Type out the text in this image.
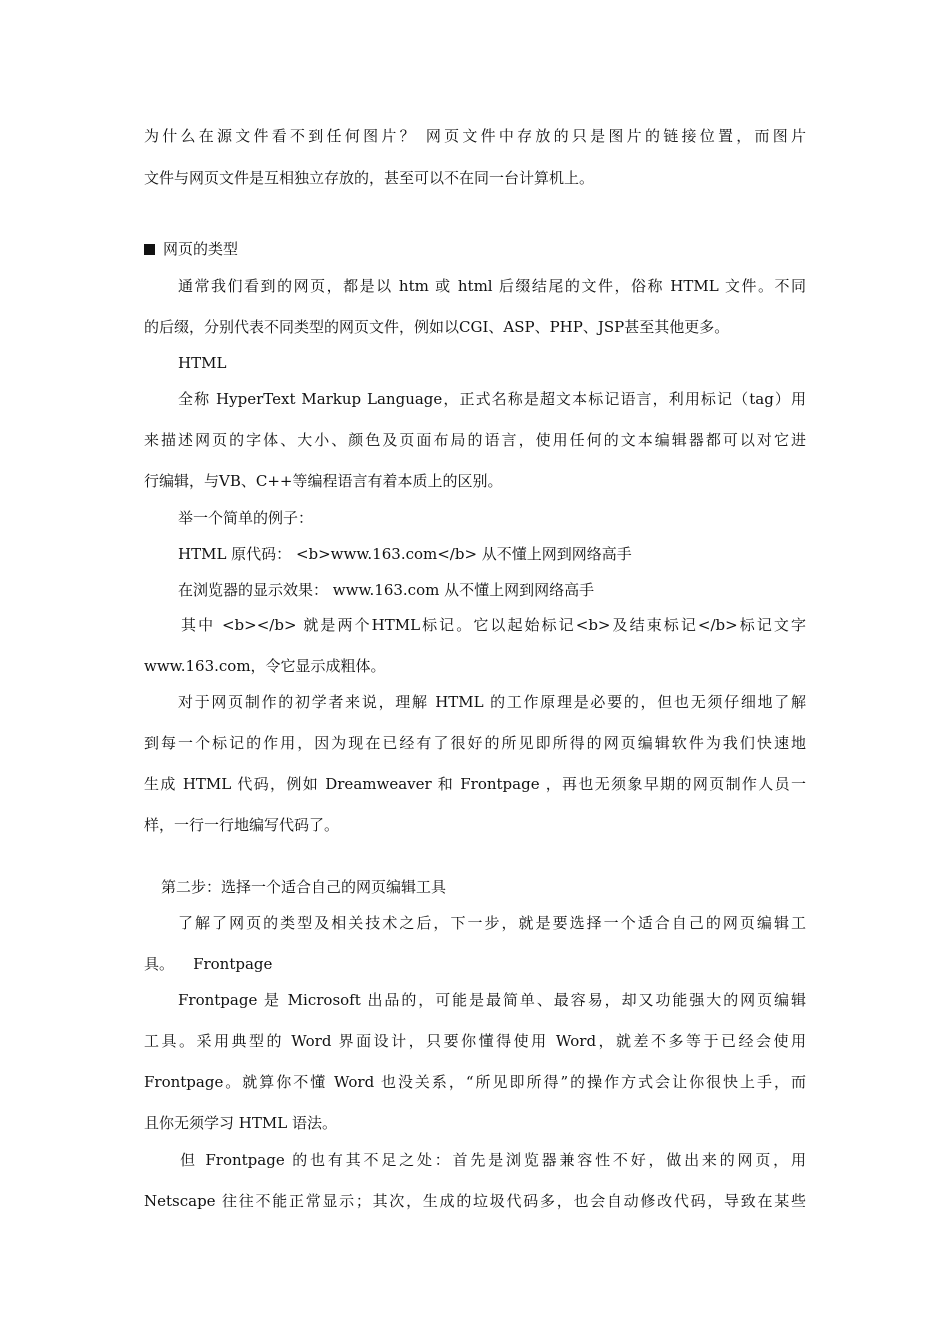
为什么在源文件看不到任何图片？ 网页文件中存放的只是图片的链接位置，而图片
文件与网页文件是互相独立存放的，甚至可以不在同一台计算机上。
网页的类型
通常我们看到的网页，都是以 htm 或 html 后缀结尾的文件，俗称 HTML 文件。不同
的后缀，分别代表不同类型的网页文件，例如以CGI、ASP、PHP、JSP甚至其他更多。
HTML
全称 HyperText Markup Language，正式名称是超文本标记语言，利用标记（tag）用
来描述网页的字体、大小、颜色及页面布局的语言，使用任何的文本编辑器都可以对它进
行编辑，与VB、C++等编程语言有着本质上的区别。
举一个简单的例子：
HTML 原代码： <b>www.163.com</b> 从不懂上网到网络高手
在浏览器的显示效果： www.163.com 从不懂上网到网络高手
其中 <b></b> 就是两个HTML标记。它以起始标记<b>及结束标记</b>标记文字
www.163.com，令它显示成粗体。
对于网页制作的初学者来说，理解 HTML 的工作原理是必要的，但也无须仔细地了解
到每一个标记的作用，因为现在已经有了很好的所见即所得的网页编辑软件为我们快速地
生成 HTML 代码，例如 Dreamweaver 和 Frontpage ，再也无须象早期的网页制作人员一
样，一行一行地编写代码了。
第二步：选择一个适合自己的网页编辑工具
了解了网页的类型及相关技术之后，下一步，就是要选择一个适合自己的网页编辑工
具。    Frontpage
Frontpage 是 Microsoft 出品的，可能是最简单、最容易，却又功能强大的网页编辑
工具。采用典型的 Word 界面设计，只要你懂得使用 Word，就差不多等于已经会使用
Frontpage。就算你不懂 Word 也没关系，“所见即所得”的操作方式会让你很快上手，而
且你无须学习 HTML 语法。
但 Frontpage 的也有其不足之处：首先是浏览器兼容性不好，做出来的网页，用
Netscape 往往不能正常显示；其次，生成的垃圾代码多，也会自动修改代码，导致在某些
